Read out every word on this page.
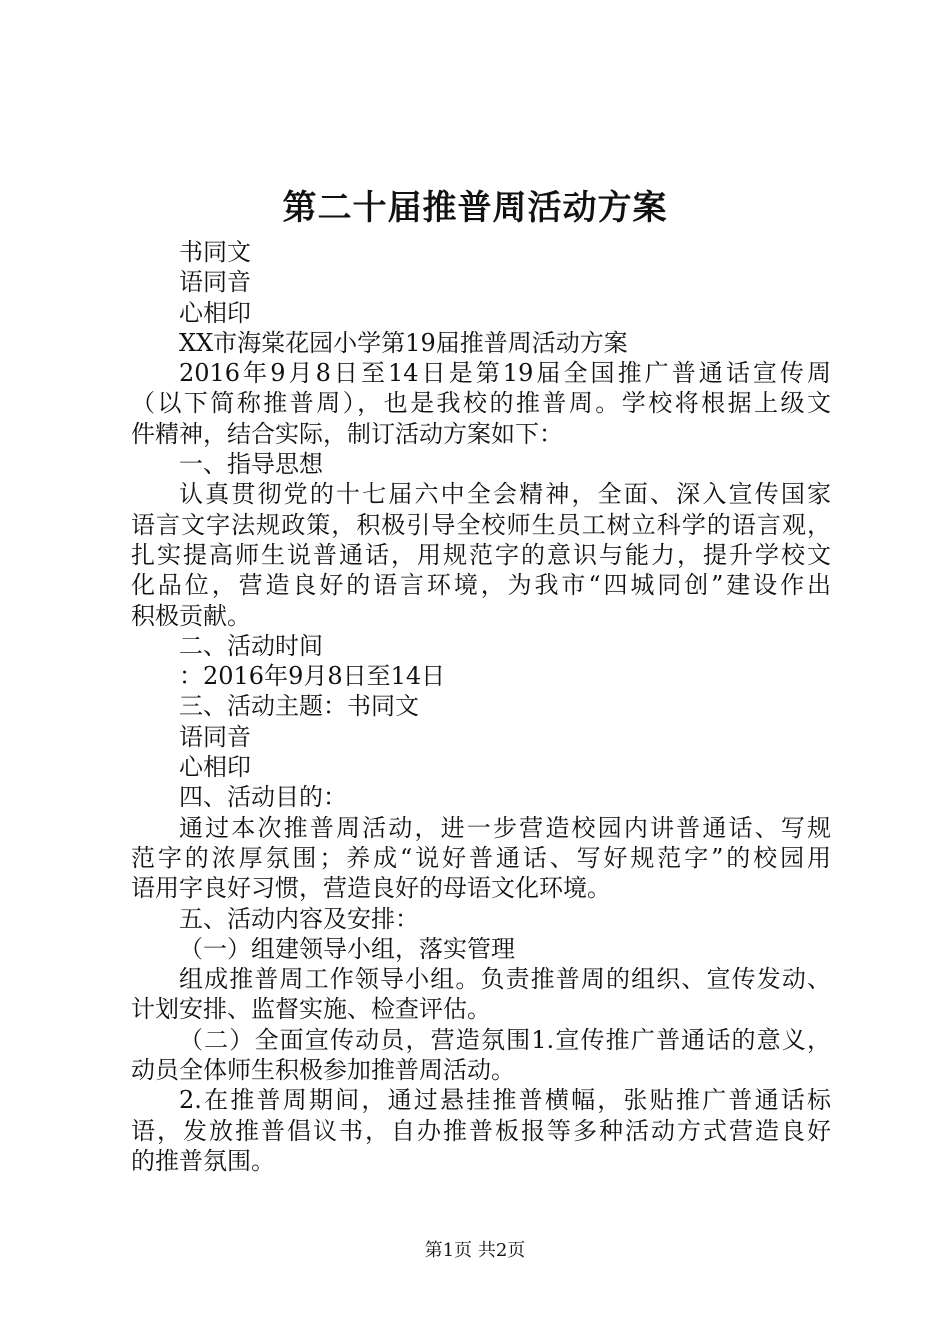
第二十届推普周活动方案
书同文
语同音
心相印
XX市海棠花园小学第19届推普周活动方案
2016年9月8日至14日是第19届全国推广普通话宣传周
（以下简称推普周），也是我校的推普周。学校将根据上级文
件精神，结合实际，制订活动方案如下：
一、指导思想
认真贯彻党的十七届六中全会精神，全面、深入宣传国家
语言文字法规政策，积极引导全校师生员工树立科学的语言观，
扎实提高师生说普通话，用规范字的意识与能力，提升学校文
化品位，营造良好的语言环境，为我市“四城同创”建设作出
积极贡献。
二、活动时间
：2016年9月8日至14日
三、活动主题：书同文
语同音
心相印
四、活动目的：
通过本次推普周活动，进一步营造校园内讲普通话、写规
范字的浓厚氛围；养成“说好普通话、写好规范字”的校园用
语用字良好习惯，营造良好的母语文化环境。
五、活动内容及安排：
（一）组建领导小组，落实管理
组成推普周工作领导小组。负责推普周的组织、宣传发动、
计划安排、监督实施、检查评估。
（二）全面宣传动员，营造氛围1.宣传推广普通话的意义，
动员全体师生积极参加推普周活动。
2.在推普周期间，通过悬挂推普横幅，张贴推广普通话标
语，发放推普倡议书，自办推普板报等多种活动方式营造良好
的推普氛围。
第1页 共2页
